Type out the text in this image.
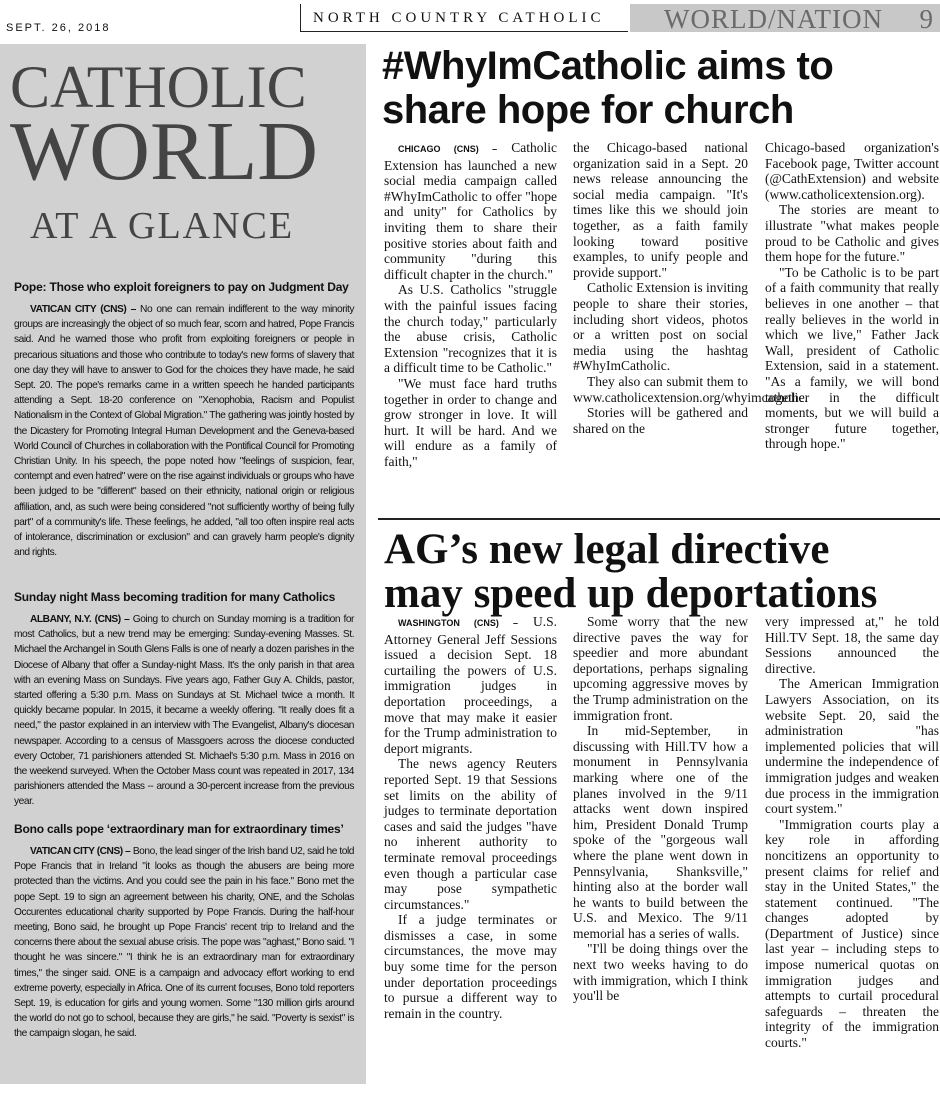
SEPT. 26, 2018
NORTH COUNTRY CATHOLIC	WORLD/NATION 9
CATHOLIC
WORLD
AT A GLANCE

Pope: Those who exploit foreigners to pay on Judgment Day

VATICAN CITY (CNS) – No one can remain indifferent to the way minority groups are increasingly the object of so much fear, scorn and hatred, Pope Francis said. And he warned those who profit from exploiting foreigners or people in precarious situations and those who contribute to today's new forms of slavery that one day they will have to answer to God for the choices they have made, he said Sept. 20. The pope's remarks came in a written speech he handed participants attending a Sept. 18-20 conference on "Xenophobia, Racism and Populist Nationalism in the Context of Global Migration." The gathering was jointly hosted by the Dicastery for Promoting Integral Human Development and the Geneva-based World Council of Churches in collaboration with the Pontifical Council for Promoting Christian Unity. In his speech, the pope noted how "feelings of suspicion, fear, contempt and even hatred" were on the rise against individuals or groups who have been judged to be "different" based on their ethnicity, national origin or religious affiliation, and, as such were being considered "not sufficiently worthy of being fully part" of a community's life. These feelings, he added, "all too often inspire real acts of intolerance, discrimination or exclusion" and can gravely harm people's dignity and rights.

Sunday night Mass becoming tradition for many Catholics

ALBANY, N.Y. (CNS) – Going to church on Sunday morning is a tradition for most Catholics, but a new trend may be emerging: Sunday-evening Masses. St. Michael the Archangel in South Glens Falls is one of nearly a dozen parishes in the Diocese of Albany that offer a Sunday-night Mass. It's the only parish in that area with an evening Mass on Sundays. Five years ago, Father Guy A. Childs, pastor, started offering a 5:30 p.m. Mass on Sundays at St. Michael twice a month. It quickly became popular. In 2015, it became a weekly offering. "It really does fit a need," the pastor explained in an interview with The Evangelist, Albany's diocesan newspaper. According to a census of Massgoers across the diocese conducted every October, 71 parishioners attended St. Michael's 5:30 p.m. Mass in 2016 on the weekend surveyed. When the October Mass count was repeated in 2017, 134 parishioners attended the Mass -- around a 30-percent increase from the previous year.

Bono calls pope ‘extraordinary man for extraordinary times’

VATICAN CITY (CNS) – Bono, the lead singer of the Irish band U2, said he told Pope Francis that in Ireland "it looks as though the abusers are being more protected than the victims. And you could see the pain in his face." Bono met the pope Sept. 19 to sign an agreement between his charity, ONE, and the Scholas Occurentes educational charity supported by Pope Francis. During the half-hour meeting, Bono said, he brought up Pope Francis' recent trip to Ireland and the concerns there about the sexual abuse crisis. The pope was "aghast," Bono said. "I thought he was sincere." "I think he is an extraordinary man for extraordinary times," the singer said. ONE is a campaign and advocacy effort working to end extreme poverty, especially in Africa. One of its current focuses, Bono told reporters Sept. 19, is education for girls and young women. Some "130 million girls around the world do not go to school, because they are girls," he said. "Poverty is sexist" is the campaign slogan, he said.

#WhyImCatholic aims to
share hope for church

CHICAGO (CNS) – Catholic Extension has launched a new social media campaign called #WhyImCatholic to offer "hope and unity" for Catholics by inviting them to share their positive stories about faith and community "during this difficult chapter in the church."

As U.S. Catholics "struggle with the painful issues facing the church today," particularly the abuse crisis, Catholic Extension "recognizes that it is a difficult time to be Catholic."

"We must face hard truths together in order to change and grow stronger in love. It will hurt. It will be hard. And we will endure as a family of faith,"

the Chicago-based national organization said in a Sept. 20 news release announcing the social media campaign. "It's times like this we should join together, as a faith family looking toward positive examples, to unify people and provide support."

Catholic Extension is inviting people to share their stories, including short videos, photos or a written post on social media using the hashtag #WhyImCatholic.

They also can submit them to www.catholicextension.org/whyimcatholic.

Stories will be gathered and shared on the

Chicago-based organization's Facebook page, Twitter account (@CathExtension) and website (www.catholicextension.org).

The stories are meant to illustrate "what makes people proud to be Catholic and gives them hope for the future."

"To be Catholic is to be part of a faith community that really believes in one another – that really believes in the world in which we live," Father Jack Wall, president of Catholic Extension, said in a statement. "As a family, we will bond together in the difficult moments, but we will build a stronger future together, through hope."

AG’s new legal directive
may speed up deportations

WASHINGTON (CNS) – U.S. Attorney General Jeff Sessions issued a decision Sept. 18 curtailing the powers of U.S. immigration judges in deportation proceedings, a move that may make it easier for the Trump administration to deport migrants.

The news agency Reuters reported Sept. 19 that Sessions set limits on the ability of judges to terminate deportation cases and said the judges "have no inherent authority to terminate removal proceedings even though a particular case may pose sympathetic circumstances."

If a judge terminates or dismisses a case, in some circumstances, the move may buy some time for the person under deportation proceedings to pursue a different way to remain in the country.

Some worry that the new directive paves the way for speedier and more abundant deportations, perhaps signaling upcoming aggressive moves by the Trump administration on the immigration front.

In mid-September, in discussing with Hill.TV how a monument in Pennsylvania marking where one of the planes involved in the 9/11 attacks went down inspired him, President Donald Trump spoke of the "gorgeous wall where the plane went down in Pennsylvania, Shanksville," hinting also at the border wall he wants to build between the U.S. and Mexico. The 9/11 memorial has a series of walls.

"I'll be doing things over the next two weeks having to do with immigration, which I think you'll be

very impressed at," he told Hill.TV Sept. 18, the same day Sessions announced the directive.

The American Immigration Lawyers Association, on its website Sept. 20, said the administration "has implemented policies that will undermine the independence of immigration judges and weaken due process in the immigration court system."

"Immigration courts play a key role in affording noncitizens an opportunity to present claims for relief and stay in the United States," the statement continued. "The changes adopted by (Department of Justice) since last year – including steps to impose numerical quotas on immigration judges and attempts to curtail procedural safeguards – threaten the integrity of the immigration courts."
